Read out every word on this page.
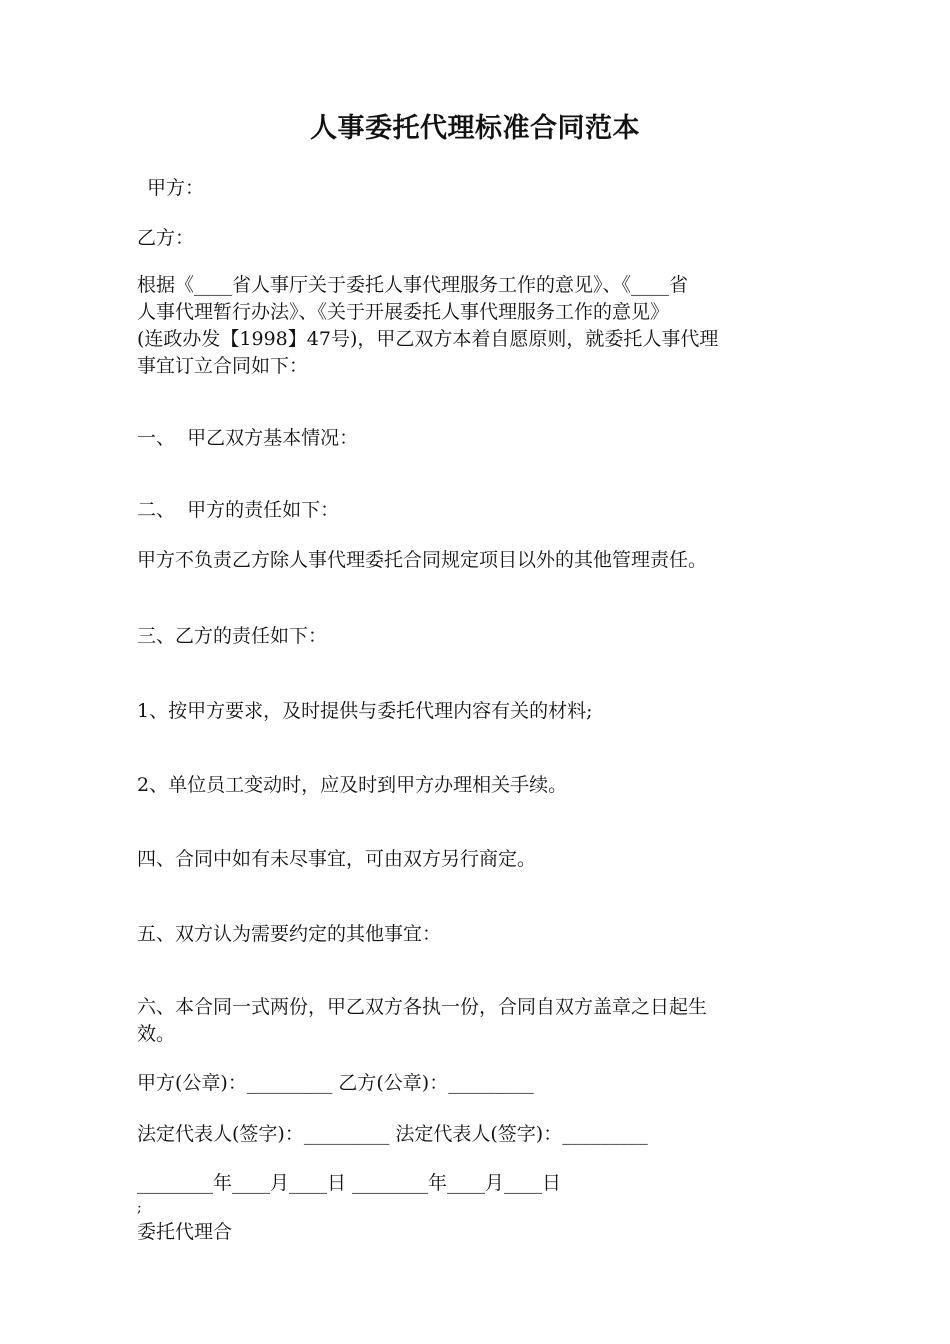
人事委托代理标准合同范本
甲方：
乙方：
根据《____省人事厅关于委托人事代理服务工作的意见》、《____省
人事代理暂行办法》、《关于开展委托人事代理服务工作的意见》
(连政办发【1998】47号)，甲乙双方本着自愿原则，就委托人事代理
事宜订立合同如下：
一、  甲乙双方基本情况：
二、  甲方的责任如下：
甲方不负责乙方除人事代理委托合同规定项目以外的其他管理责任。
三、乙方的责任如下：
1、按甲方要求，及时提供与委托代理内容有关的材料;
2、单位员工变动时，应及时到甲方办理相关手续。
四、合同中如有未尽事宜，可由双方另行商定。
五、双方认为需要约定的其他事宜：
六、本合同一式两份，甲乙双方各执一份，合同自双方盖章之日起生
效。
甲方(公章)：_________ 乙方(公章)：_________
法定代表人(签字)：_________ 法定代表人(签字)：_________
________年____月____日 ________年____月____日
;
委托代理合
